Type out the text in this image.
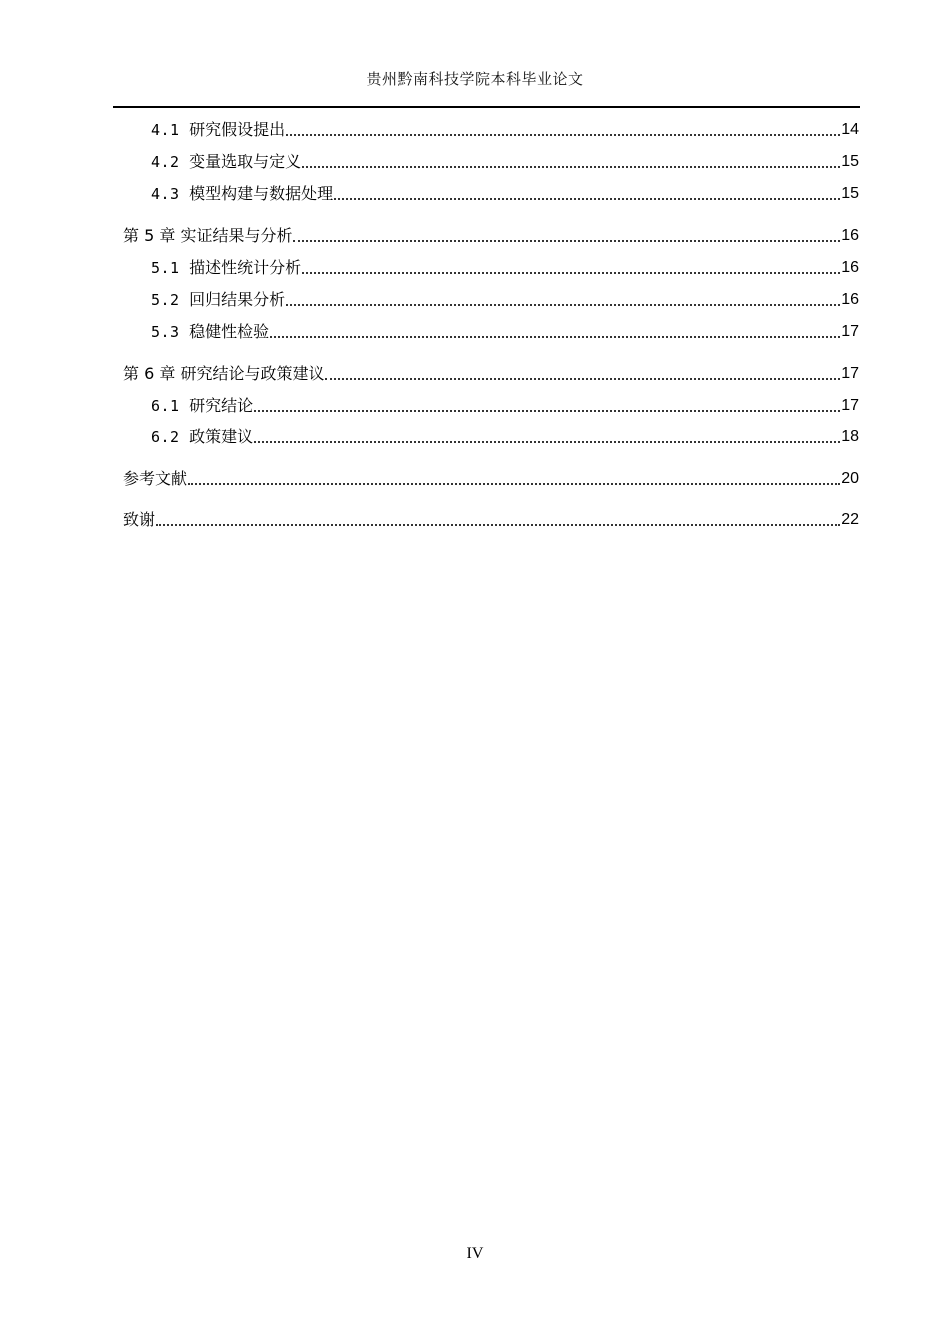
贵州黔南科技学院本科毕业论文
4.1 研究假设提出	14
4.2 变量选取与定义	15
4.3 模型构建与数据处理	15
第 5 章 实证结果与分析	16
5.1 描述性统计分析	16
5.2 回归结果分析	16
5.3 稳健性检验	17
第 6 章 研究结论与政策建议	17
6.1 研究结论	17
6.2 政策建议	18
参考文献	20
致谢	22
IV
